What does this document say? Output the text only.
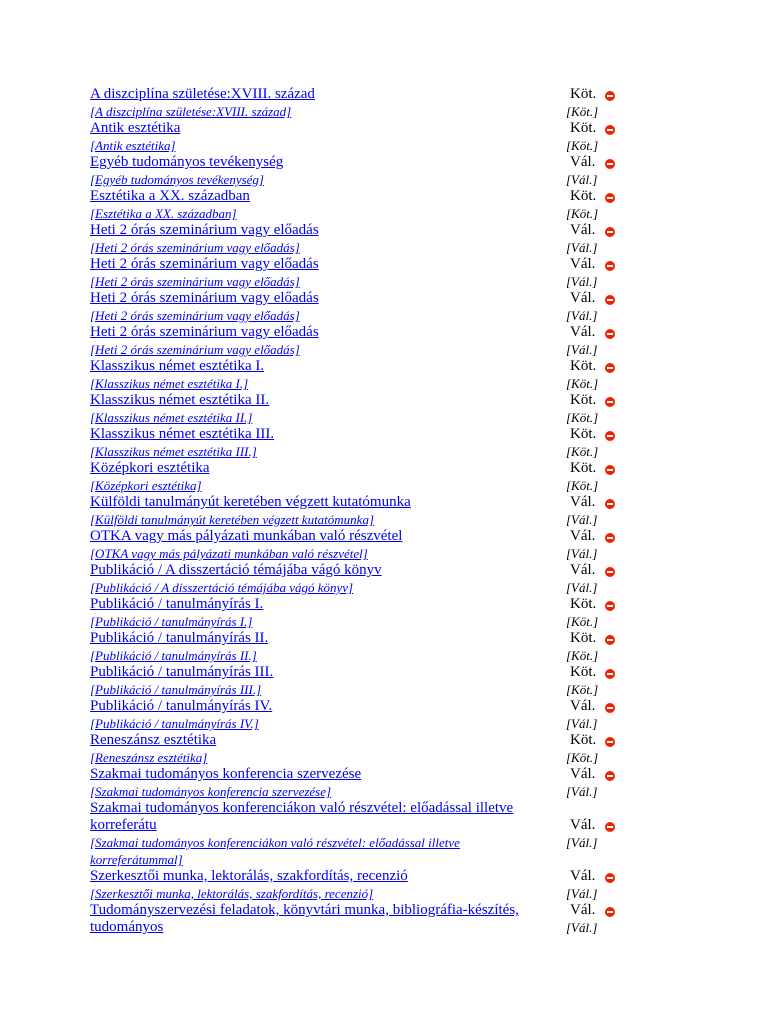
A diszciplína születése:XVIII. század
[A diszciplína születése:XVIII. század]
Köt.
[Köt.]
Antik esztétika
[Antik esztétika]
Köt.
[Köt.]
Egyéb tudományos tevékenység
[Egyéb tudományos tevékenység]
Vál.
[Vál.]
Esztétika a XX. században
[Esztétika a XX. században]
Köt.
[Köt.]
Heti 2 órás szeminárium vagy előadás
[Heti 2 órás szeminárium vagy előadás]
Vál.
[Vál.]
Heti 2 órás szeminárium vagy előadás
[Heti 2 órás szeminárium vagy előadás]
Vál.
[Vál.]
Heti 2 órás szeminárium vagy előadás
[Heti 2 órás szeminárium vagy előadás]
Vál.
[Vál.]
Heti 2 órás szeminárium vagy előadás
[Heti 2 órás szeminárium vagy előadás]
Vál.
[Vál.]
Klasszikus német esztétika I.
[Klasszikus német esztétika I.]
Köt.
[Köt.]
Klasszikus német esztétika II.
[Klasszikus német esztétika II.]
Köt.
[Köt.]
Klasszikus német esztétika III.
[Klasszikus német esztétika III.]
Köt.
[Köt.]
Középkori esztétika
[Középkori esztétika]
Köt.
[Köt.]
Külföldi tanulmányút keretében végzett kutatómunka
[Külföldi tanulmányút keretében végzett kutatómunka]
Vál.
[Vál.]
OTKA vagy más pályázati munkában való részvétel
[OTKA vagy más pályázati munkában való részvétel]
Vál.
[Vál.]
Publikáció / A disszertáció témájába vágó könyv
[Publikáció / A disszertáció témájába vágó könyv]
Vál.
[Vál.]
Publikáció / tanulmányírás I.
[Publikáció / tanulmányírás I.]
Köt.
[Köt.]
Publikáció / tanulmányírás II.
[Publikáció / tanulmányírás II.]
Köt.
[Köt.]
Publikáció / tanulmányírás III.
[Publikáció / tanulmányírás III.]
Köt.
[Köt.]
Publikáció / tanulmányírás IV.
[Publikáció / tanulmányírás IV.]
Vál.
[Vál.]
Reneszánsz esztétika
[Reneszánsz esztétika]
Köt.
[Köt.]
Szakmai tudományos konferencia szervezése
[Szakmai tudományos konferencia szervezése]
Vál.
[Vál.]
Szakmai tudományos konferenciákon való részvétel: előadással illetve korreferátu
[Szakmai tudományos konferenciákon való részvétel: előadással illetve korreferátummal]
Vál.
[Vál.]
Szerkesztői munka, lektorálás, szakfordítás, recenzió
[Szerkesztői munka, lektorálás, szakfordítás, recenzió]
Vál.
[Vál.]
Tudományszervezési feladatok, könyvtári munka, bibliográfia-készítés, tudományos
Vál.
[Vál.]
